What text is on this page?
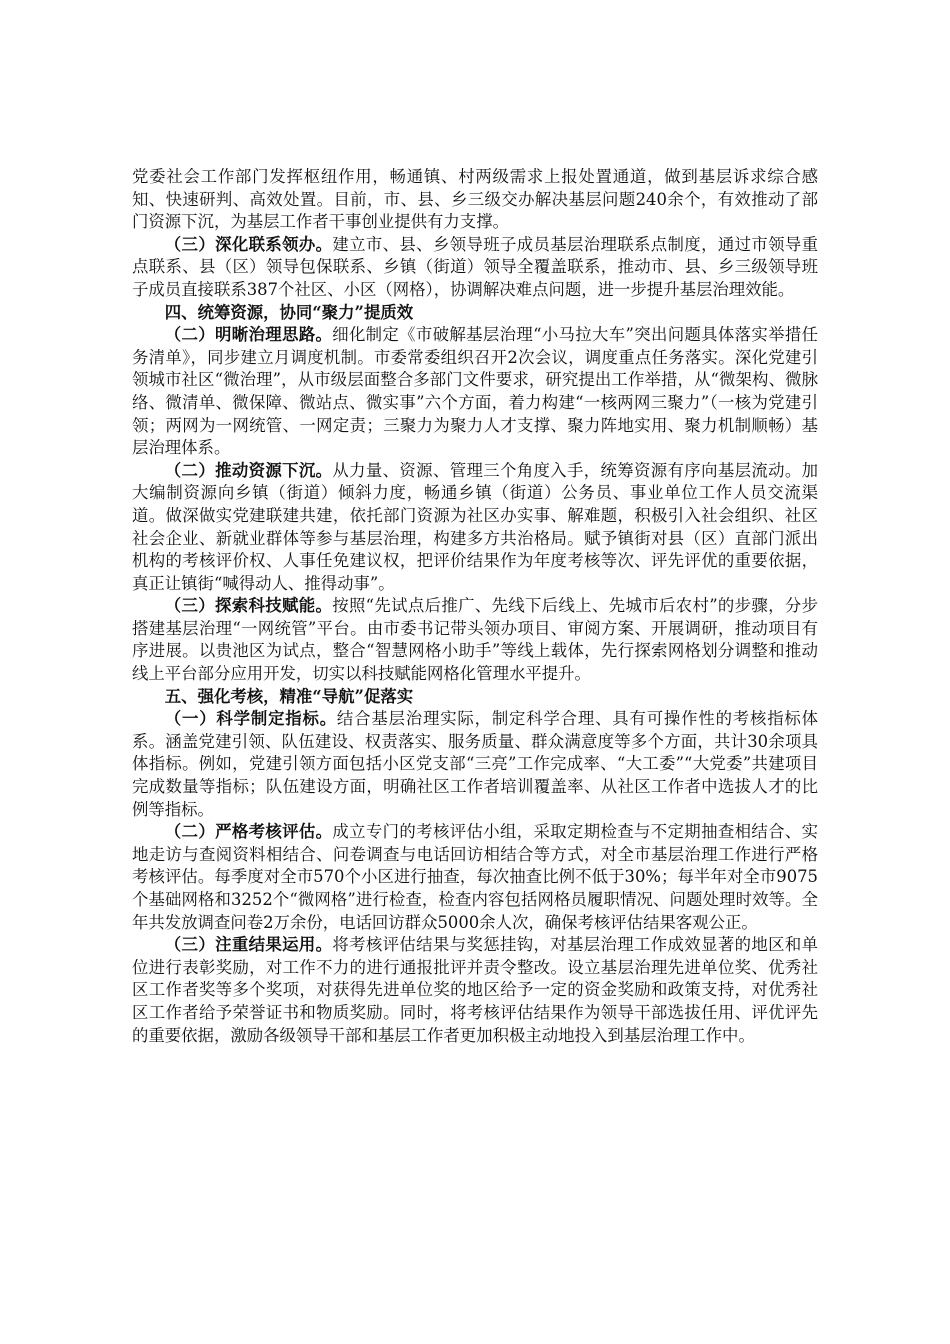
党委社会工作部门发挥枢纽作用，畅通镇、村两级需求上报处置通道，做到基层诉求综合感知、快速研判、高效处置。目前，市、县、乡三级交办解决基层问题240余个，有效推动了部门资源下沉，为基层工作者干事创业提供有力支撑。

（三）深化联系领办。建立市、县、乡领导班子成员基层治理联系点制度，通过市领导重点联系、县（区）领导包保联系、乡镇（街道）领导全覆盖联系，推动市、县、乡三级领导班子成员直接联系387个社区、小区（网格），协调解决难点问题，进一步提升基层治理效能。

四、统筹资源，协同“聚力”提质效

（二）明晰治理思路。细化制定《市破解基层治理“小马拉大车”突出问题具体落实举措任务清单》，同步建立月调度机制。市委常委组织召开2次会议，调度重点任务落实。深化党建引领城市社区“微治理”，从市级层面整合多部门文件要求，研究提出工作举措，从“微架构、微脉络、微清单、微保障、微站点、微实事”六个方面，着力构建“一核两网三聚力”（一核为党建引领；两网为一网统管、一网定责；三聚力为聚力人才支撑、聚力阵地实用、聚力机制顺畅）基层治理体系。

（二）推动资源下沉。从力量、资源、管理三个角度入手，统筹资源有序向基层流动。加大编制资源向乡镇（街道）倾斜力度，畅通乡镇（街道）公务员、事业单位工作人员交流渠道。做深做实党建联建共建，依托部门资源为社区办实事、解难题，积极引入社会组织、社区社会企业、新就业群体等参与基层治理，构建多方共治格局。赋予镇街对县（区）直部门派出机构的考核评价权、人事任免建议权，把评价结果作为年度考核等次、评先评优的重要依据，真正让镇街“喊得动人、推得动事”。

（三）探索科技赋能。按照“先试点后推广、先线下后线上、先城市后农村”的步骤，分步搭建基层治理“一网统管”平台。由市委书记带头领办项目、审阅方案、开展调研，推动项目有序进展。以贵池区为试点，整合“智慧网格小助手”等线上载体，先行探索网格划分调整和推动线上平台部分应用开发，切实以科技赋能网格化管理水平提升。

五、强化考核，精准“导航”促落实

（一）科学制定指标。结合基层治理实际，制定科学合理、具有可操作性的考核指标体系。涵盖党建引领、队伍建设、权责落实、服务质量、群众满意度等多个方面，共计30余项具体指标。例如，党建引领方面包括小区党支部“三亮”工作完成率、“大工委”“大党委”共建项目完成数量等指标；队伍建设方面，明确社区工作者培训覆盖率、从社区工作者中选拔人才的比例等指标。

（二）严格考核评估。成立专门的考核评估小组，采取定期检查与不定期抽查相结合、实地走访与查阅资料相结合、问卷调查与电话回访相结合等方式，对全市基层治理工作进行严格考核评估。每季度对全市570个小区进行抽查，每次抽查比例不低于30%；每半年对全市9075个基础网格和3252个“微网格”进行检查，检查内容包括网格员履职情况、问题处理时效等。全年共发放调查问卷2万余份，电话回访群众5000余人次，确保考核评估结果客观公正。

（三）注重结果运用。将考核评估结果与奖惩挂钩，对基层治理工作成效显著的地区和单位进行表彰奖励，对工作不力的进行通报批评并责令整改。设立基层治理先进单位奖、优秀社区工作者奖等多个奖项，对获得先进单位奖的地区给予一定的资金奖励和政策支持，对优秀社区工作者给予荣誉证书和物质奖励。同时，将考核评估结果作为领导干部选拔任用、评优评先的重要依据，激励各级领导干部和基层工作者更加积极主动地投入到基层治理工作中。
